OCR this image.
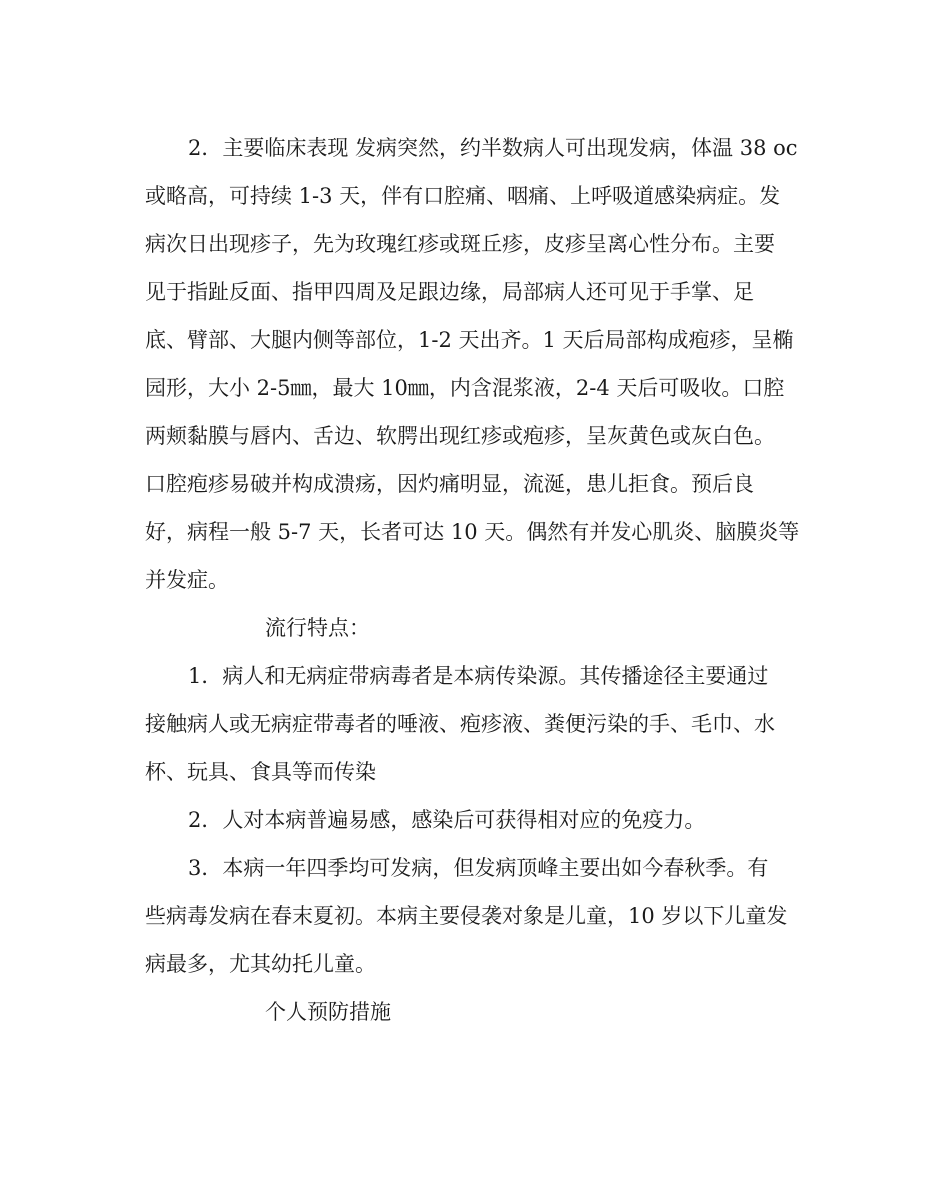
2．主要临床表现 发病突然，约半数病人可出现发病，体温 38 oc
或略高，可持续 1-3 天，伴有口腔痛、咽痛、上呼吸道感染病症。发
病次日出现疹子，先为玫瑰红疹或斑丘疹，皮疹呈离心性分布。主要
见于指趾反面、指甲四周及足跟边缘，局部病人还可见于手掌、足
底、臂部、大腿内侧等部位，1-2 天出齐。1 天后局部构成疱疹，呈椭
园形，大小 2-5㎜，最大 10㎜，内含混浆液，2-4 天后可吸收。口腔
两颊黏膜与唇内、舌边、软腭出现红疹或疱疹，呈灰黄色或灰白色。
口腔疱疹易破并构成溃疡，因灼痛明显，流涎，患儿拒食。预后良
好，病程一般 5-7 天，长者可达 10 天。偶然有并发心肌炎、脑膜炎等
并发症。
流行特点：
1．病人和无病症带病毒者是本病传染源。其传播途径主要通过
接触病人或无病症带毒者的唾液、疱疹液、粪便污染的手、毛巾、水
杯、玩具、食具等而传染
2．人对本病普遍易感，感染后可获得相对应的免疫力。
3．本病一年四季均可发病，但发病顶峰主要出如今春秋季。有
些病毒发病在春末夏初。本病主要侵袭对象是儿童，10 岁以下儿童发
病最多，尤其幼托儿童。
个人预防措施
